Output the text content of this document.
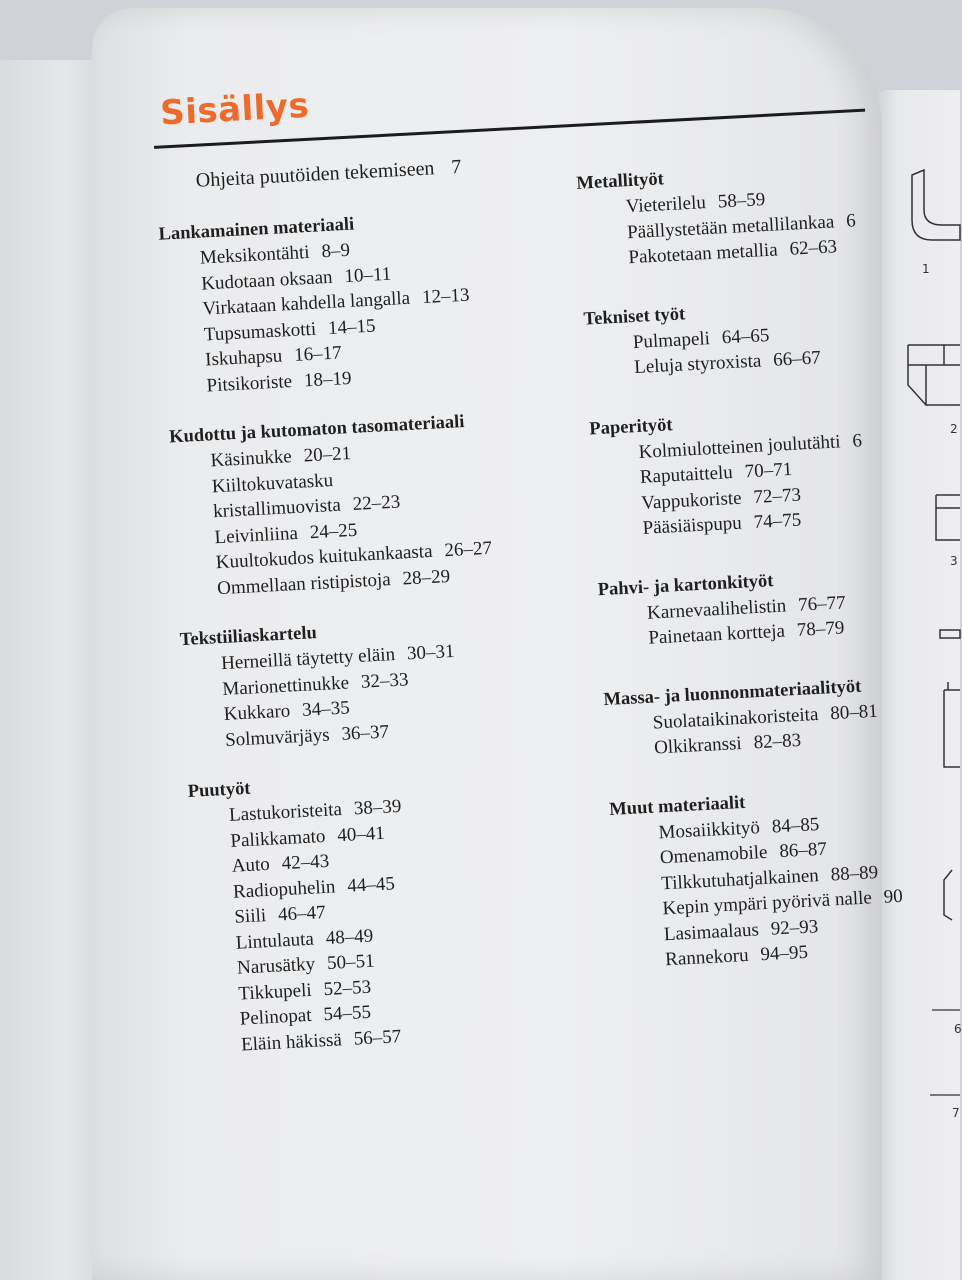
1
2
3
6
7
Sisällys
Ohjeita puutöiden tekemiseen 7
Lankamainen materiaali
Meksikontähti 8–9
Kudotaan oksaan 10–11
Virkataan kahdella langalla 12–13
Tupsumaskotti 14–15
Iskuhapsu 16–17
Pitsikoriste 18–19
Kudottu ja kutomaton tasomateriaali
Käsinukke 20–21
Kiiltokuvatasku
kristallimuovista 22–23
Leivinliina 24–25
Kuultokudos kuitukankaasta 26–27
Ommellaan ristipistoja 28–29
Tekstiiliaskartelu
Herneillä täytetty eläin 30–31
Marionettinukke 32–33
Kukkaro 34–35
Solmuvärjäys 36–37
Puutyöt
Lastukoristeita 38–39
Palikkamato 40–41
Auto 42–43
Radiopuhelin 44–45
Siili 46–47
Lintulauta 48–49
Narusätky 50–51
Tikkupeli 52–53
Pelinopat 54–55
Eläin häkissä 56–57
Metallityöt
Vieterilelu 58–59
Päällystetään metallilankaa 6
Pakotetaan metallia 62–63
Tekniset työt
Pulmapeli 64–65
Leluja styroxista 66–67
Paperityöt
Kolmiulotteinen joulutähti 6
Raputaittelu 70–71
Vappukoriste 72–73
Pääsiäispupu 74–75
Pahvi- ja kartonkityöt
Karnevaalihelistin 76–77
Painetaan kortteja 78–79
Massa- ja luonnonmateriaalityöt
Suolataikinakoristeita 80–81
Olkikranssi 82–83
Muut materiaalit
Mosaiikkityö 84–85
Omenamobile 86–87
Tilkkutuhatjalkainen 88–89
Kepin ympäri pyörivä nalle 90
Lasimaalaus 92–93
Rannekoru 94–95
